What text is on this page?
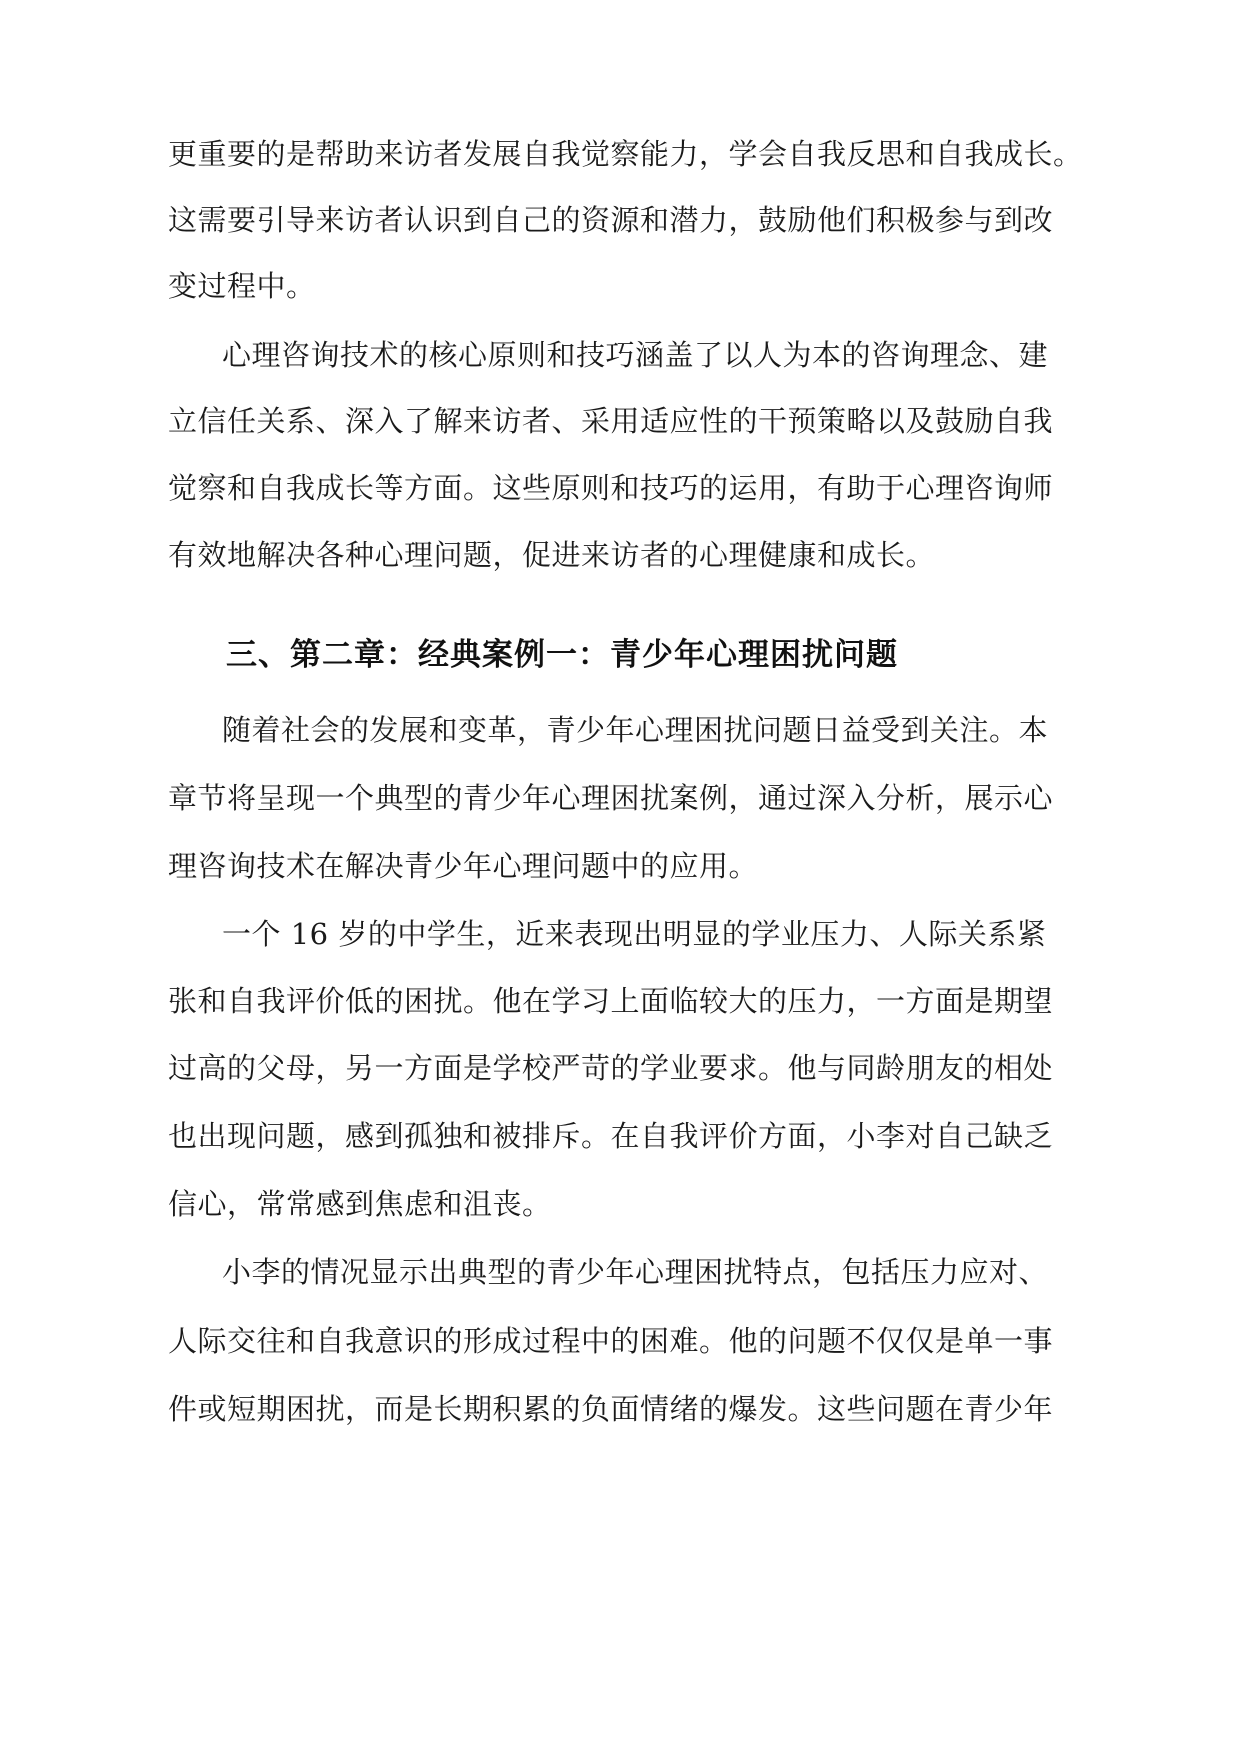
更重要的是帮助来访者发展自我觉察能力，学会自我反思和自我成长。
这需要引导来访者认识到自己的资源和潜力，鼓励他们积极参与到改
变过程中。
心理咨询技术的核心原则和技巧涵盖了以人为本的咨询理念、建
立信任关系、深入了解来访者、采用适应性的干预策略以及鼓励自我
觉察和自我成长等方面。这些原则和技巧的运用，有助于心理咨询师
有效地解决各种心理问题，促进来访者的心理健康和成长。
三、第二章：经典案例一：青少年心理困扰问题
随着社会的发展和变革，青少年心理困扰问题日益受到关注。本
章节将呈现一个典型的青少年心理困扰案例，通过深入分析，展示心
理咨询技术在解决青少年心理问题中的应用。
一个 16 岁的中学生，近来表现出明显的学业压力、人际关系紧
张和自我评价低的困扰。他在学习上面临较大的压力，一方面是期望
过高的父母，另一方面是学校严苛的学业要求。他与同龄朋友的相处
也出现问题，感到孤独和被排斥。在自我评价方面，小李对自己缺乏
信心，常常感到焦虑和沮丧。
小李的情况显示出典型的青少年心理困扰特点，包括压力应对、
人际交往和自我意识的形成过程中的困难。他的问题不仅仅是单一事
件或短期困扰，而是长期积累的负面情绪的爆发。这些问题在青少年
